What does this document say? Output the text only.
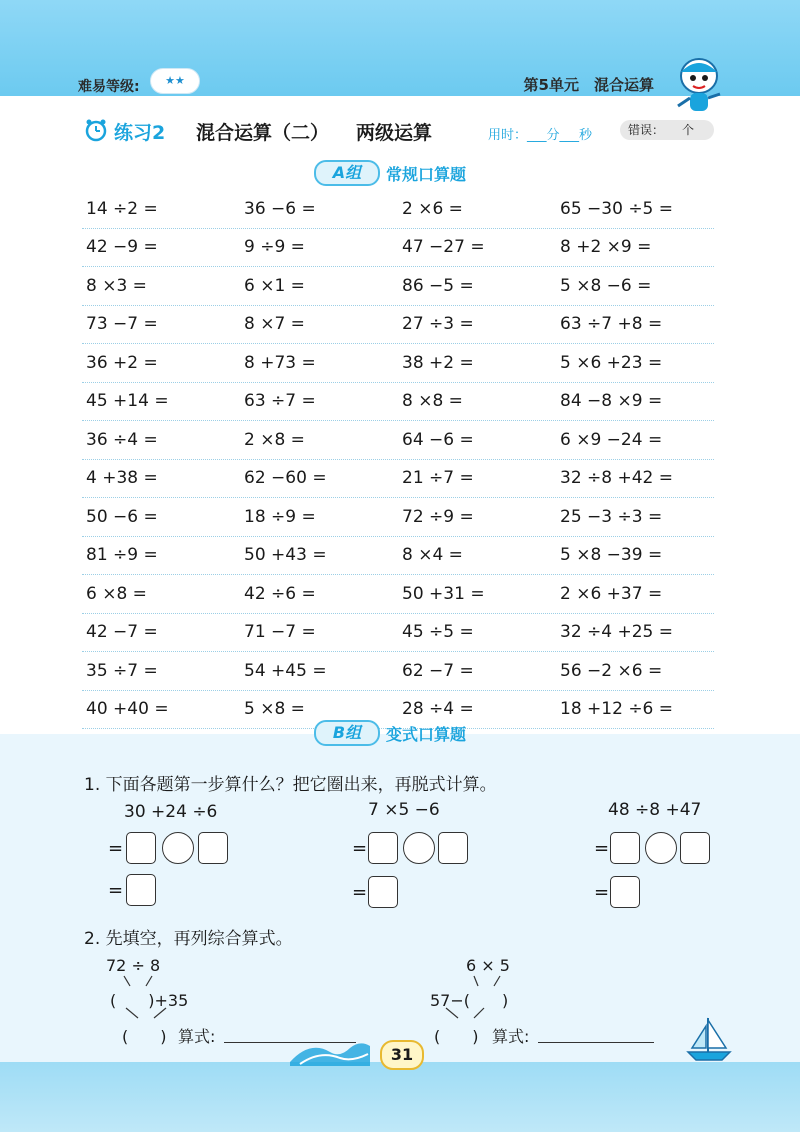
难易等级:	★★	第5单元　混合运算
练习2 混合运算（二） 两级运算	用时：___分___秒	错误：　　个
A组	常规口算题
14 ÷2 =	36 −6 =	2 ×6 =	65 −30 ÷5 =
42 −9 =	9 ÷9 =	47 −27 =	8 +2 ×9 =
8 ×3 =	6 ×1 =	86 −5 =	5 ×8 −6 =
73 −7 =	8 ×7 =	27 ÷3 =	63 ÷7 +8 =
36 +2 =	8 +73 =	38 +2 =	5 ×6 +23 =
45 +14 =	63 ÷7 =	8 ×8 =	84 −8 ×9 =
36 ÷4 =	2 ×8 =	64 −6 =	6 ×9 −24 =
4 +38 =	62 −60 =	21 ÷7 =	32 ÷8 +42 =
50 −6 =	18 ÷9 =	72 ÷9 =	25 −3 ÷3 =
81 ÷9 =	50 +43 =	8 ×4 =	5 ×8 −39 =
6 ×8 =	42 ÷6 =	50 +31 =	2 ×6 +37 =
42 −7 =	71 −7 =	45 ÷5 =	32 ÷4 +25 =
35 ÷7 =	54 +45 =	62 −7 =	56 −2 ×6 =
40 +40 =	5 ×8 =	28 ÷4 =	18 +12 ÷6 =
B组	变式口算题
1. 下面各题第一步算什么？把它圈出来，再脱式计算。
30 +24 ÷6
=
=
7 ×5 −6
=
=
48 ÷8 +47
=
=
2. 先填空，再列综合算式。
72 ÷ 8
(　　)+35
(　　) 算式:
6 × 5
57−(　　)
(　　) 算式:
31
